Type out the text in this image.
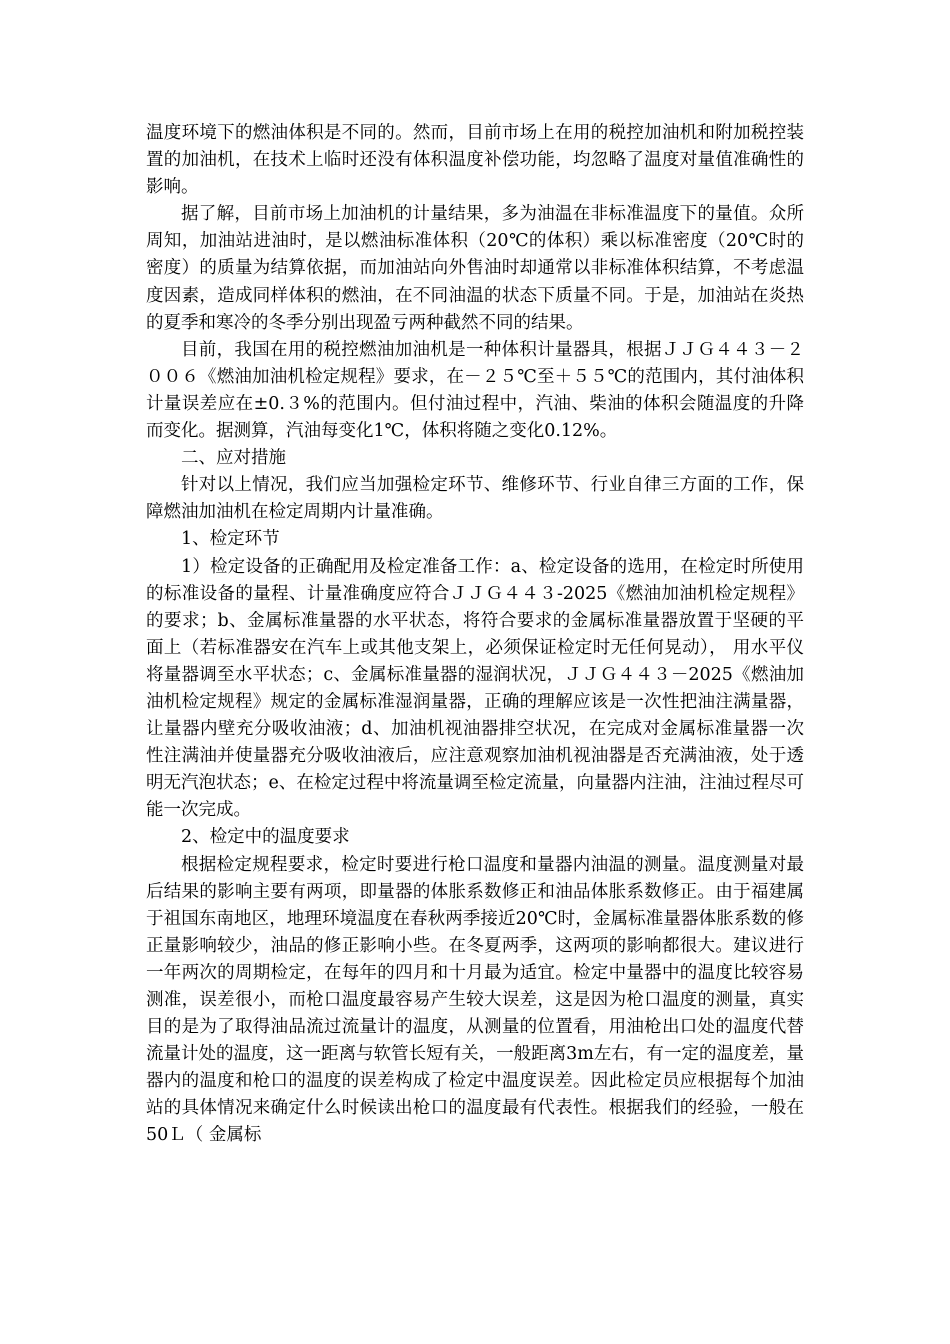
温度环境下的燃油体积是不同的。然而，目前市场上在用的税控加油机和附加税控装置的加油机，在技术上临时还没有体积温度补偿功能，均忽略了温度对量值准确性的影响。

据了解，目前市场上加油机的计量结果，多为油温在非标准温度下的量值。众所周知，加油站进油时，是以燃油标准体积（20℃的体积）乘以标准密度（20℃时的密度）的质量为结算依据，而加油站向外售油时却通常以非标准体积结算，不考虑温度因素，造成同样体积的燃油，在不同油温的状态下质量不同。于是，加油站在炎热的夏季和寒冷的冬季分别出现盈亏两种截然不同的结果。

目前，我国在用的税控燃油加油机是一种体积计量器具，根据ＪＪＧ４４３－２００６《燃油加油机检定规程》要求，在－２５℃至＋５５℃的范围内，其付油体积计量误差应在±0.３%的范围内。但付油过程中，汽油、柴油的体积会随温度的升降而变化。据测算，汽油每变化1℃，体积将随之变化0.12%。

二、应对措施

针对以上情况，我们应当加强检定环节、维修环节、行业自律三方面的工作，保障燃油加油机在检定周期内计量准确。

1、检定环节

1）检定设备的正确配用及检定准备工作：a、检定设备的选用，在检定时所使用的标准设备的量程、计量准确度应符合ＪＪＧ４４３-2025《燃油加油机检定规程》的要求；b、金属标准量器的水平状态，将符合要求的金属标准量器放置于坚硬的平面上（若标准器安在汽车上或其他支架上，必须保证检定时无任何晃动）， 用水平仪将量器调至水平状态；c、金属标准量器的湿润状况，ＪＪＧ４４３－2025《燃油加油机检定规程》规定的金属标准湿润量器，正确的理解应该是一次性把油注满量器，让量器内壁充分吸收油液；d、加油机视油器排空状况，在完成对金属标准量器一次性注满油并使量器充分吸收油液后，应注意观察加油机视油器是否充满油液，处于透明无汽泡状态；e、在检定过程中将流量调至检定流量，向量器内注油，注油过程尽可能一次完成。

2、检定中的温度要求

根据检定规程要求，检定时要进行枪口温度和量器内油温的测量。温度测量对最后结果的影响主要有两项，即量器的体胀系数修正和油品体胀系数修正。由于福建属于祖国东南地区，地理环境温度在春秋两季接近20℃时，金属标准量器体胀系数的修正量影响较少，油品的修正影响小些。在冬夏两季，这两项的影响都很大。建议进行一年两次的周期检定，在每年的四月和十月最为适宜。检定中量器中的温度比较容易测准，误差很小，而枪口温度最容易产生较大误差，这是因为枪口温度的测量，真实目的是为了取得油品流过流量计的温度，从测量的位置看，用油枪出口处的温度代替流量计处的温度，这一距离与软管长短有关，一般距离3m左右，有一定的温度差，量器内的温度和枪口的温度的误差构成了检定中温度误差。因此检定员应根据每个加油站的具体情况来确定什么时候读出枪口的温度最有代表性。根据我们的经验，一般在50Ｌ（ 金属标
